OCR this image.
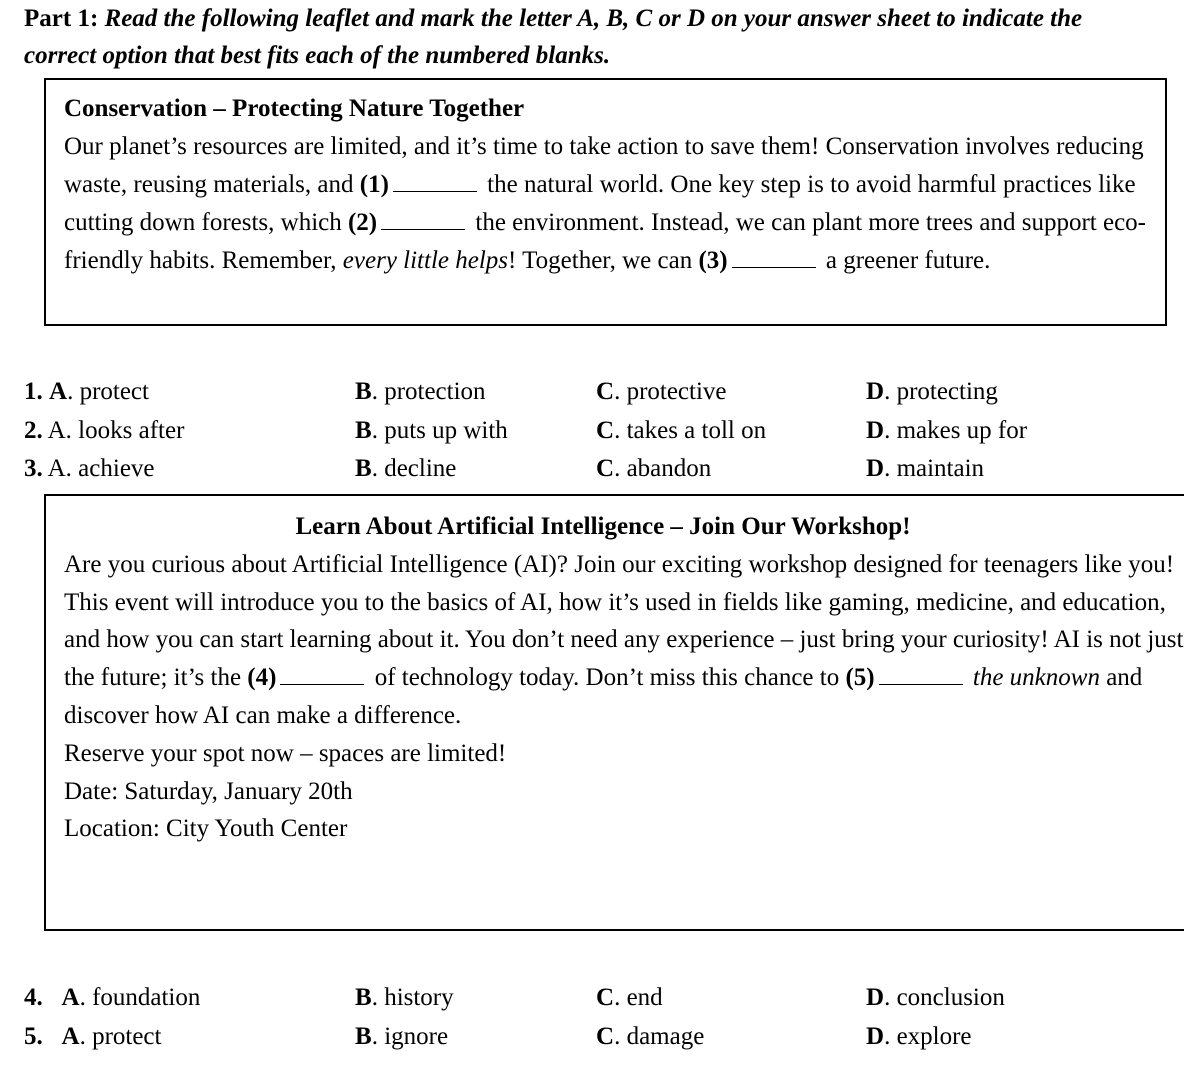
Part 1: Read the following leaflet and mark the letter A, B, C or D on your answer sheet to indicate the correct option that best fits each of the numbered blanks.
Conservation – Protecting Nature Together
Our planet’s resources are limited, and it’s time to take action to save them! Conservation involves reducing waste, reusing materials, and (1)	the natural world. One key step is to avoid harmful practices like cutting down forests, which (2)	the environment. Instead, we can plant more trees and support eco-friendly habits. Remember, every little helps! Together, we can (3)	a greener future.
1. A. protect	B. protection	C. protective	D. protecting
2. A. looks after	B. puts up with	C. takes a toll on	D. makes up for
3. A. achieve	B. decline	C. abandon	D. maintain
Learn About Artificial Intelligence – Join Our Workshop!
Are you curious about Artificial Intelligence (AI)? Join our exciting workshop designed for teenagers like you! This event will introduce you to the basics of AI, how it’s used in fields like gaming, medicine, and education, and how you can start learning about it. You don’t need any experience – just bring your curiosity! AI is not just the future; it’s the (4)	of technology today. Don’t miss this chance to (5)	the unknown and discover how AI can make a difference.
Reserve your spot now – spaces are limited!
Date: Saturday, January 20th
Location: City Youth Center
4. A. foundation	B. history	C. end	D. conclusion
5. A. protect	B. ignore	C. damage	D. explore
